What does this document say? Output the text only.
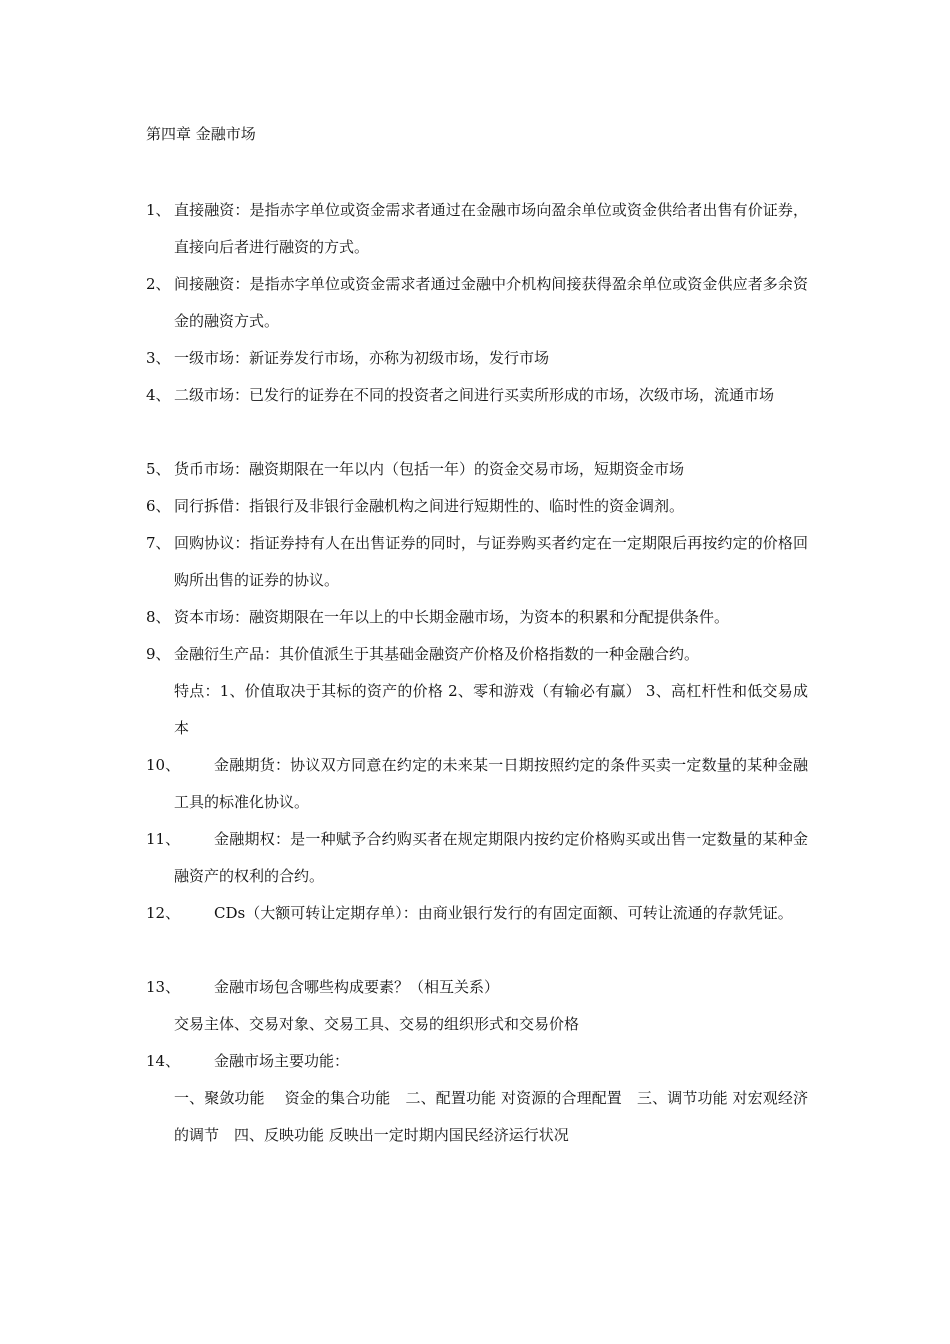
第四章 金融市场
1、 直接融资：是指赤字单位或资金需求者通过在金融市场向盈余单位或资金供给者出售有价证券，直接向后者进行融资的方式。
2、 间接融资：是指赤字单位或资金需求者通过金融中介机构间接获得盈余单位或资金供应者多余资金的融资方式。
3、 一级市场：新证券发行市场，亦称为初级市场，发行市场
4、 二级市场：已发行的证券在不同的投资者之间进行买卖所形成的市场，次级市场，流通市场
5、 货币市场：融资期限在一年以内（包括一年）的资金交易市场，短期资金市场
6、 同行拆借：指银行及非银行金融机构之间进行短期性的、临时性的资金调剂。
7、 回购协议：指证券持有人在出售证券的同时，与证券购买者约定在一定期限后再按约定的价格回购所出售的证券的协议。
8、 资本市场：融资期限在一年以上的中长期金融市场，为资本的积累和分配提供条件。
9、 金融衍生产品：其价值派生于其基础金融资产价格及价格指数的一种金融合约。
特点：1、价值取决于其标的资产的价格 2、零和游戏（有输必有赢） 3、高杠杆性和低交易成本
10、	金融期货：协议双方同意在约定的未来某一日期按照约定的条件买卖一定数量的某种金融工具的标准化协议。
11、	金融期权：是一种赋予合约购买者在规定期限内按约定价格购买或出售一定数量的某种金融资产的权利的合约。
12、	CDs（大额可转让定期存单）：由商业银行发行的有固定面额、可转让流通的存款凭证。
13、	金融市场包含哪些构成要素？（相互关系）
交易主体、交易对象、交易工具、交易的组织形式和交易价格
14、	金融市场主要功能：
一、聚敛功能　 资金的集合功能　二、配置功能 对资源的合理配置　三、调节功能 对宏观经济的调节　四、反映功能 反映出一定时期内国民经济运行状况
